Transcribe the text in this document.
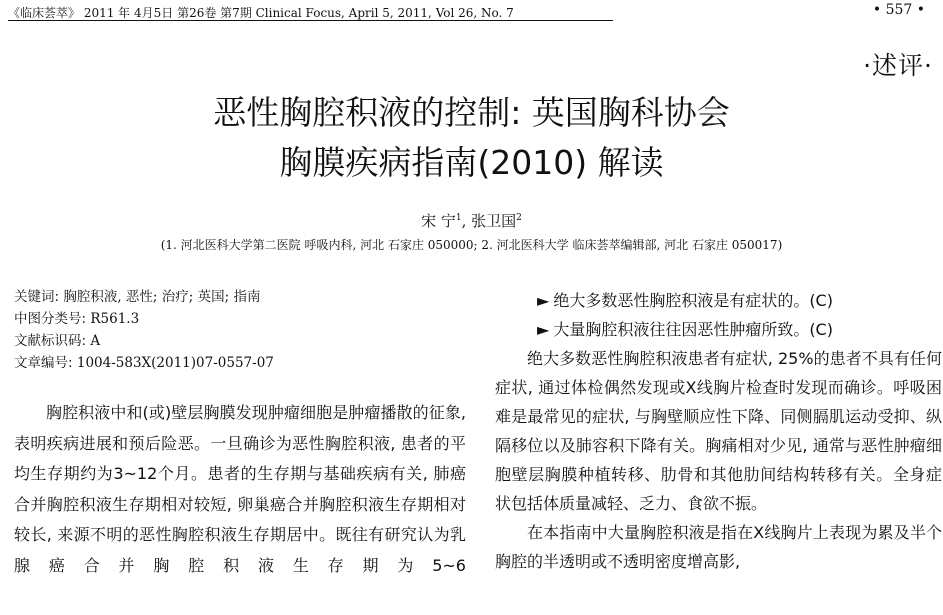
《临床荟萃》 2011 年 4月5日 第26卷 第7期 Clinical Focus, April 5, 2011, Vol 26, No. 7	• 557 •
·述评·
恶性胸腔积液的控制: 英国胸科协会
胸膜疾病指南(2010) 解读
宋 宁$^1$, 张卫国$^2$
(1. 河北医科大学第二医院 呼吸内科, 河北 石家庄 050000; 2. 河北医科大学 临床荟萃编辑部, 河北 石家庄 050017)
关键词: 胸腔积液, 恶性; 治疗; 英国; 指南
中图分类号: R561.3
文献标识码: A
文章编号: 1004-583X(2011)07-0557-07

胸腔积液中和(或)壁层胸膜发现肿瘤细胞是肿瘤播散的征象, 表明疾病进展和预后险恶。一旦确诊为恶性胸腔积液, 患者的平均生存期约为3~12个月。患者的生存期与基础疾病有关, 肺癌合并胸腔积液生存期相对较短, 卵巢癌合并胸腔积液生存期相对较长, 来源不明的恶性胸腔积液生存期居中。既往有研究认为乳腺癌合并胸腔积液生存期为5~6

► 绝大多数恶性胸腔积液是有症状的。(C)
► 大量胸腔积液往往因恶性肿瘤所致。(C)

绝大多数恶性胸腔积液患者有症状, 25%的患者不具有任何症状, 通过体检偶然发现或X线胸片检查时发现而确诊。呼吸困难是最常见的症状, 与胸壁顺应性下降、同侧膈肌运动受抑、纵隔移位以及肺容积下降有关。胸痛相对少见, 通常与恶性肿瘤细胞壁层胸膜种植转移、肋骨和其他肋间结构转移有关。全身症状包括体质量减轻、乏力、食欲不振。

在本指南中大量胸腔积液是指在X线胸片上表现为累及半个胸腔的半透明或不透明密度增高影,
